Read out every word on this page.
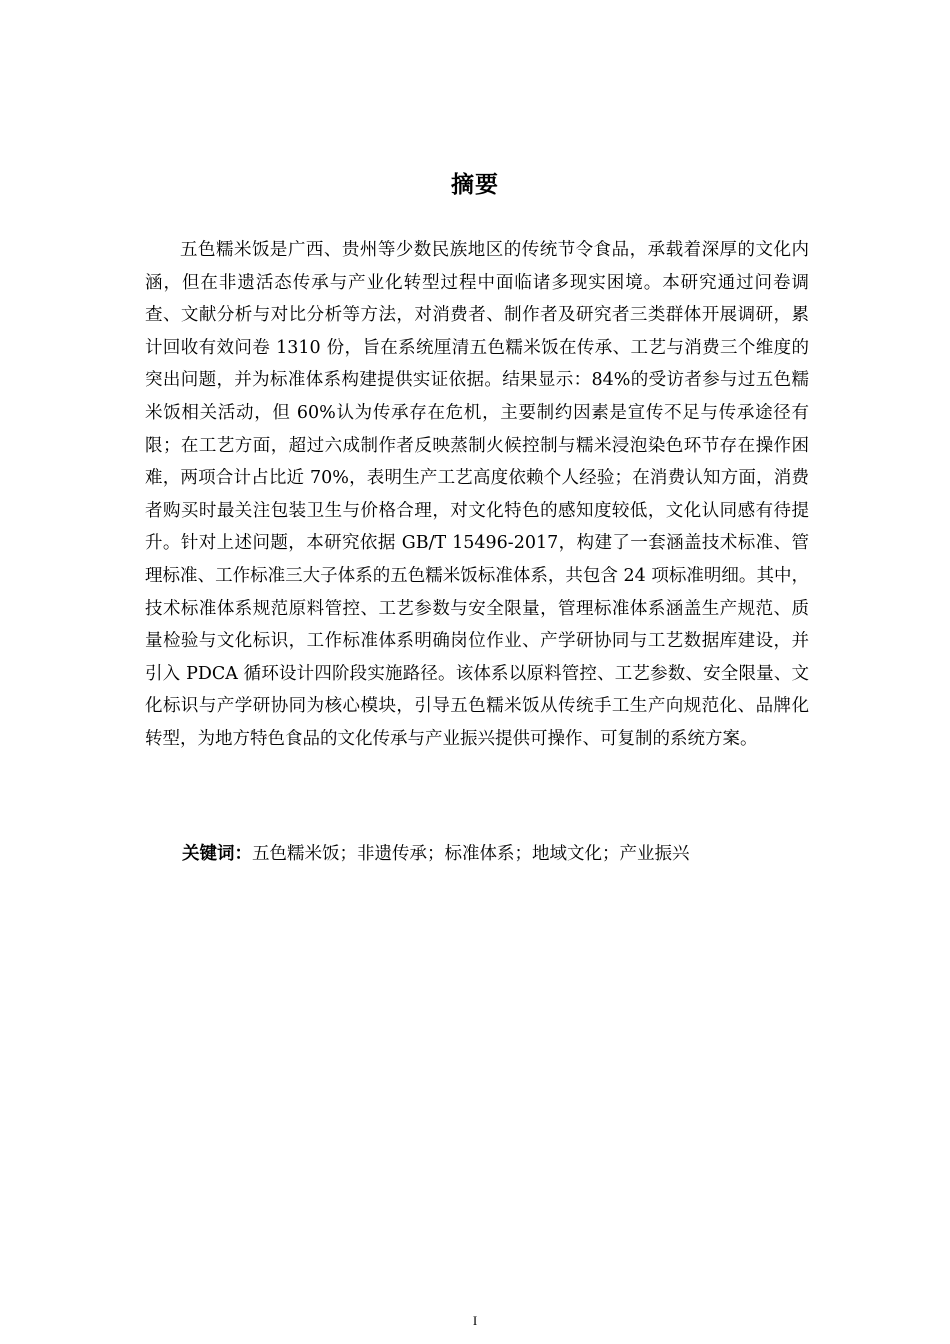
摘要

五色糯米饭是广西、贵州等少数民族地区的传统节令食品，承载着深厚的文化内涵，但在非遗活态传承与产业化转型过程中面临诸多现实困境。本研究通过问卷调查、文献分析与对比分析等方法，对消费者、制作者及研究者三类群体开展调研，累计回收有效问卷 1310 份，旨在系统厘清五色糯米饭在传承、工艺与消费三个维度的突出问题，并为标准体系构建提供实证依据。结果显示：84%的受访者参与过五色糯米饭相关活动，但 60%认为传承存在危机，主要制约因素是宣传不足与传承途径有限；在工艺方面，超过六成制作者反映蒸制火候控制与糯米浸泡染色环节存在操作困难，两项合计占比近 70%，表明生产工艺高度依赖个人经验；在消费认知方面，消费者购买时最关注包装卫生与价格合理，对文化特色的感知度较低，文化认同感有待提升。针对上述问题，本研究依据 GB/T 15496-2017，构建了一套涵盖技术标准、管理标准、工作标准三大子体系的五色糯米饭标准体系，共包含 24 项标准明细。其中，技术标准体系规范原料管控、工艺参数与安全限量，管理标准体系涵盖生产规范、质量检验与文化标识，工作标准体系明确岗位作业、产学研协同与工艺数据库建设，并引入 PDCA 循环设计四阶段实施路径。该体系以原料管控、工艺参数、安全限量、文化标识与产学研协同为核心模块，引导五色糯米饭从传统手工生产向规范化、品牌化转型，为地方特色食品的文化传承与产业振兴提供可操作、可复制的系统方案。

关键词：五色糯米饭；非遗传承；标准体系；地域文化；产业振兴
I
